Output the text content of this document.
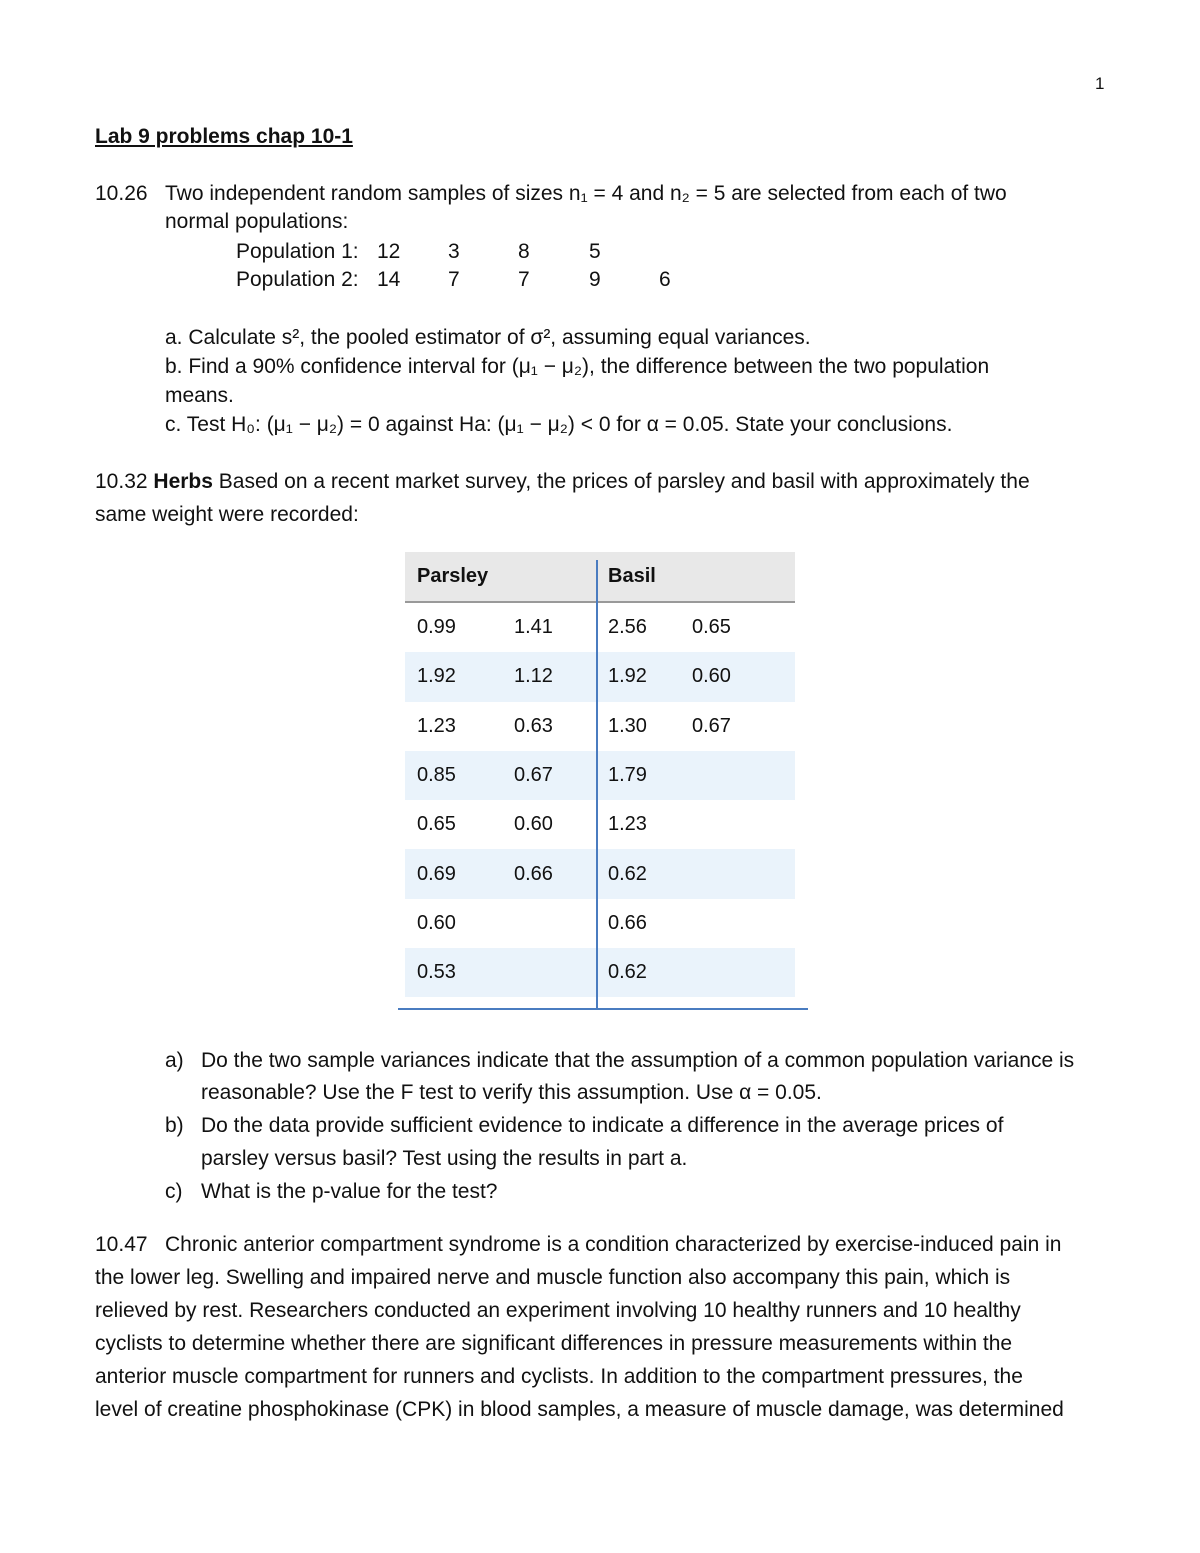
1
Lab 9 problems chap 10-1
10.26 Two independent random samples of sizes n₁ = 4 and n₂ = 5 are selected from each of two
normal populations:
Population 1: 12 3	8	5
Population 2: 14 7	7	9	6
a. Calculate s², the pooled estimator of σ², assuming equal variances.
b. Find a 90% confidence interval for (μ₁ − μ₂), the difference between the two population
means.
c. Test H₀: (μ₁ − μ₂) = 0 against Ha: (μ₁ − μ₂) < 0 for α = 0.05. State your conclusions.
10.32 Herbs Based on a recent market survey, the prices of parsley and basil with approximately the
same weight were recorded:
Parsley		Basil	
0.99	1.41	2.56	0.65
1.92	1.12	1.92	0.60
1.23	0.63	1.30	0.67
0.85	0.67	1.79	
0.65	0.60	1.23	
0.69	0.66	0.62	
0.60		0.66	
0.53		0.62	
a) Do the two sample variances indicate that the assumption of a common population variance is
reasonable? Use the F test to verify this assumption. Use α = 0.05.
b) Do the data provide sufficient evidence to indicate a difference in the average prices of
parsley versus basil? Test using the results in part a.
c) What is the p-value for the test?
10.47 Chronic anterior compartment syndrome is a condition characterized by exercise-induced pain in
the lower leg. Swelling and impaired nerve and muscle function also accompany this pain, which is
relieved by rest. Researchers conducted an experiment involving 10 healthy runners and 10 healthy
cyclists to determine whether there are significant differences in pressure measurements within the
anterior muscle compartment for runners and cyclists. In addition to the compartment pressures, the
level of creatine phosphokinase (CPK) in blood samples, a measure of muscle damage, was determined
